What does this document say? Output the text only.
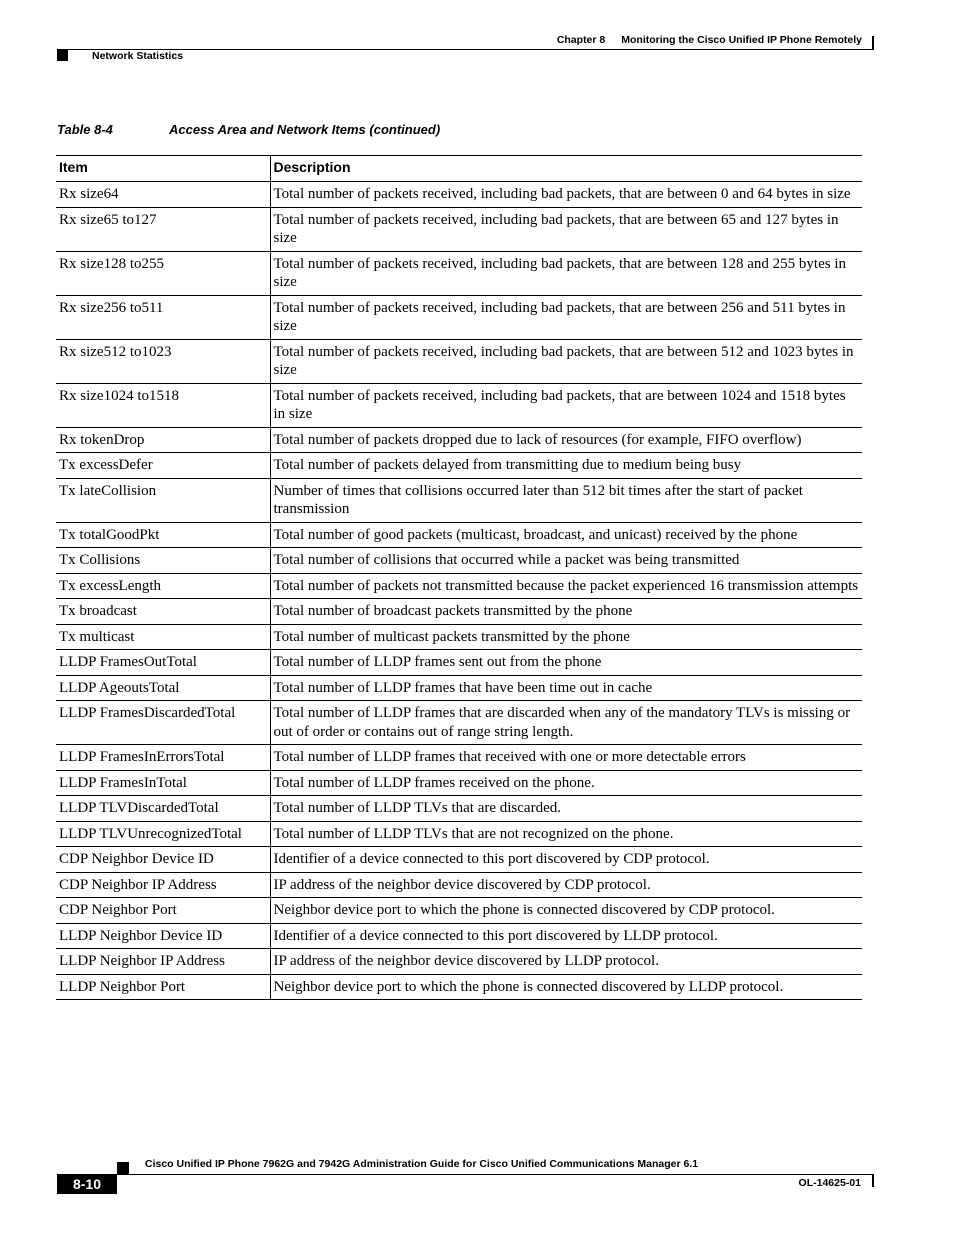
Chapter 8 Monitoring the Cisco Unified IP Phone Remotely
Network Statistics
Table 8-4	Access Area and Network Items (continued)
Item	Description
Rx size64	Total number of packets received, including bad packets, that are between 0 and 64 bytes in size
Rx size65 to127	Total number of packets received, including bad packets, that are between 65 and 127 bytes in size
Rx size128 to255	Total number of packets received, including bad packets, that are between 128 and 255 bytes in size
Rx size256 to511	Total number of packets received, including bad packets, that are between 256 and 511 bytes in size
Rx size512 to1023	Total number of packets received, including bad packets, that are between 512 and 1023 bytes in size
Rx size1024 to1518	Total number of packets received, including bad packets, that are between 1024 and 1518 bytes in size
Rx tokenDrop	Total number of packets dropped due to lack of resources (for example, FIFO overflow)
Tx excessDefer	Total number of packets delayed from transmitting due to medium being busy
Tx lateCollision	Number of times that collisions occurred later than 512 bit times after the start of packet transmission
Tx totalGoodPkt	Total number of good packets (multicast, broadcast, and unicast) received by the phone
Tx Collisions	Total number of collisions that occurred while a packet was being transmitted
Tx excessLength	Total number of packets not transmitted because the packet experienced 16 transmission attempts
Tx broadcast	Total number of broadcast packets transmitted by the phone
Tx multicast	Total number of multicast packets transmitted by the phone
LLDP FramesOutTotal	Total number of LLDP frames sent out from the phone
LLDP AgeoutsTotal	Total number of LLDP frames that have been time out in cache
LLDP FramesDiscardedTotal	Total number of LLDP frames that are discarded when any of the mandatory TLVs is missing or out of order or contains out of range string length.
LLDP FramesInErrorsTotal	Total number of LLDP frames that received with one or more detectable errors
LLDP FramesInTotal	Total number of LLDP frames received on the phone.
LLDP TLVDiscardedTotal	Total number of LLDP TLVs that are discarded.
LLDP TLVUnrecognizedTotal	Total number of LLDP TLVs that are not recognized on the phone.
CDP Neighbor Device ID	Identifier of a device connected to this port discovered by CDP protocol.
CDP Neighbor IP Address	IP address of the neighbor device discovered by CDP protocol.
CDP Neighbor Port	Neighbor device port to which the phone is connected discovered by CDP protocol.
LLDP Neighbor Device ID	Identifier of a device connected to this port discovered by LLDP protocol.
LLDP Neighbor IP Address	IP address of the neighbor device discovered by LLDP protocol.
LLDP Neighbor Port	Neighbor device port to which the phone is connected discovered by LLDP protocol.
Cisco Unified IP Phone 7962G and 7942G Administration Guide for Cisco Unified Communications Manager 6.1
8-10	OL-14625-01
